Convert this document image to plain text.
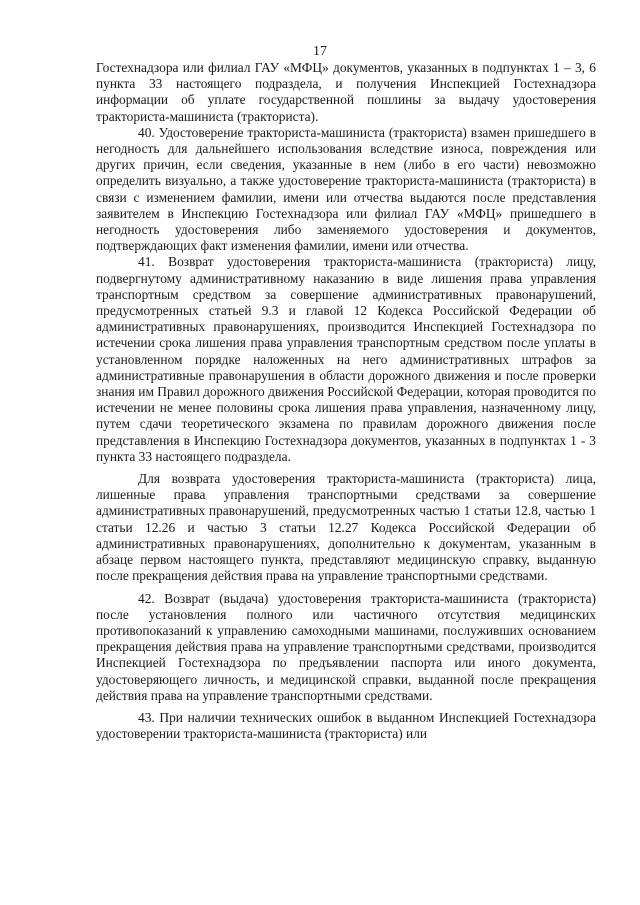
17

Гостехнадзора или филиал ГАУ «МФЦ» документов, указанных в подпунктах 1 – 3, 6 пункта 33 настоящего подраздела, и получения Инспекцией Гостехнадзора информации об уплате государственной пошлины за выдачу удостоверения тракториста-машиниста (тракториста).

40. Удостоверение тракториста-машиниста (тракториста) взамен пришедшего в негодность для дальнейшего использования вследствие износа, повреждения или других причин, если сведения, указанные в нем (либо в его части) невозможно определить визуально, а также удостоверение тракториста-машиниста (тракториста) в связи с изменением фамилии, имени или отчества выдаются после представления заявителем в Инспекцию Гостехнадзора или филиал ГАУ «МФЦ» пришедшего в негодность удостоверения либо заменяемого удостоверения и документов, подтверждающих факт изменения фамилии, имени или отчества.

41. Возврат удостоверения тракториста-машиниста (тракториста) лицу, подвергнутому административному наказанию в виде лишения права управления транспортным средством за совершение административных правонарушений, предусмотренных статьей 9.3 и главой 12 Кодекса Российской Федерации об административных правонарушениях, производится Инспекцией Гостехнадзора по истечении срока лишения права управления транспортным средством после уплаты в установленном порядке наложенных на него административных штрафов за административные правонарушения в области дорожного движения и после проверки знания им Правил дорожного движения Российской Федерации, которая проводится по истечении не менее половины срока лишения права управления, назначенному лицу, путем сдачи теоретического экзамена по правилам дорожного движения после представления в Инспекцию Гостехнадзора документов, указанных в подпунктах 1 - 3 пункта 33 настоящего подраздела.

Для возврата удостоверения тракториста-машиниста (тракториста) лица, лишенные права управления транспортными средствами за совершение административных правонарушений, предусмотренных частью 1 статьи 12.8, частью 1 статьи 12.26 и частью 3 статьи 12.27 Кодекса Российской Федерации об административных правонарушениях, дополнительно к документам, указанным в абзаце первом настоящего пункта, представляют медицинскую справку, выданную после прекращения действия права на управление транспортными средствами.

42. Возврат (выдача) удостоверения тракториста-машиниста (тракториста) после установления полного или частичного отсутствия медицинских противопоказаний к управлению самоходными машинами, послуживших основанием прекращения действия права на управление транспортными средствами, производится Инспекцией Гостехнадзора по предъявлении паспорта или иного документа, удостоверяющего личность, и медицинской справки, выданной после прекращения действия права на управление транспортными средствами.

43. При наличии технических ошибок в выданном Инспекцией Гостехнадзора удостоверении тракториста-машиниста (тракториста) или
